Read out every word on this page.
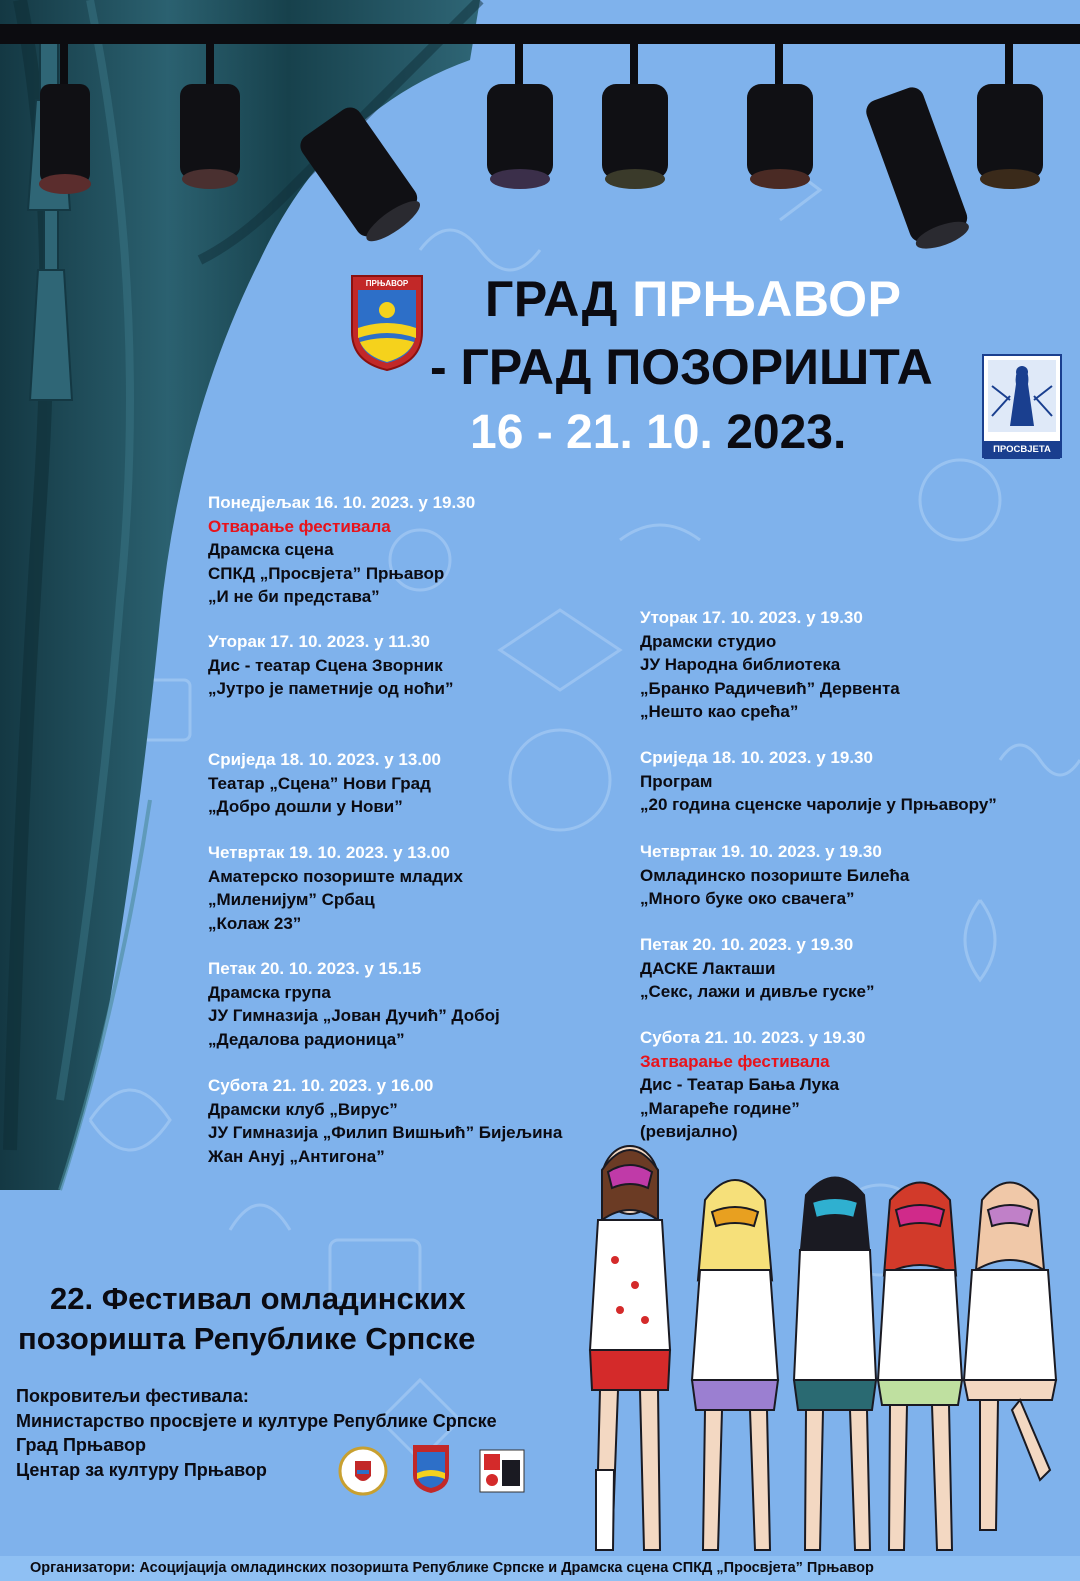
ПРЊАВОР
ПРОСВЈЕТА
ГРАД ПРЊАВОР
- ГРАД ПОЗОРИШТА
16 - 21. 10. 2023.
Понедјељак 16. 10. 2023. у 19.30
Отварање фестивала
Драмска сцена
СПКД „Просвјета” Прњавор
„И не би представа”
Уторак 17. 10. 2023. у 11.30
Дис - театар Сцена Зворник
„Јутро је паметније од ноћи”
Сриједа 18. 10. 2023. у 13.00
Театар „Сцена” Нови Град
„Добро дошли у Нови”
Четвртак 19. 10. 2023. у 13.00
Аматерско позориште младих
„Миленијум” Србац
„Колаж 23”
Петак 20. 10. 2023. у 15.15
Драмска група
ЈУ Гимназија „Јован Дучић” Добој
„Дедалова радионица”
Субота 21. 10. 2023. у 16.00
Драмски клуб „Вирус”
ЈУ Гимназија „Филип Вишњић” Бијељина
Жан Ануј „Антигона”
Уторак 17. 10. 2023. у 19.30
Драмски студио
ЈУ Народна библиотека
„Бранко Радичевић” Дервента
„Нешто као срећа”
Сриједа 18. 10. 2023. у 19.30
Програм
„20 година сценске чаролије у Прњавору”
Четвртак 19. 10. 2023. у 19.30
Омладинско позориште Билећа
„Много буке око свачега”
Петак 20. 10. 2023. у 19.30
ДАСКЕ Лакташи
„Секс, лажи и дивље гуске”
Субота 21. 10. 2023. у 19.30
Затварање фестивала
Дис - Театар Бања Лука
„Магареће године”
(ревијално)
22. Фестивал омладинских
позоришта Републике Српске
Покровитељи фестивала:
Министарство просвјете и културе Републике Српске
Град Прњавор
Центар за културу Прњавор
Организатори: Асоцијација омладинских позоришта Републике Српске и Драмска сцена СПКД „Просвјета” Прњавор
